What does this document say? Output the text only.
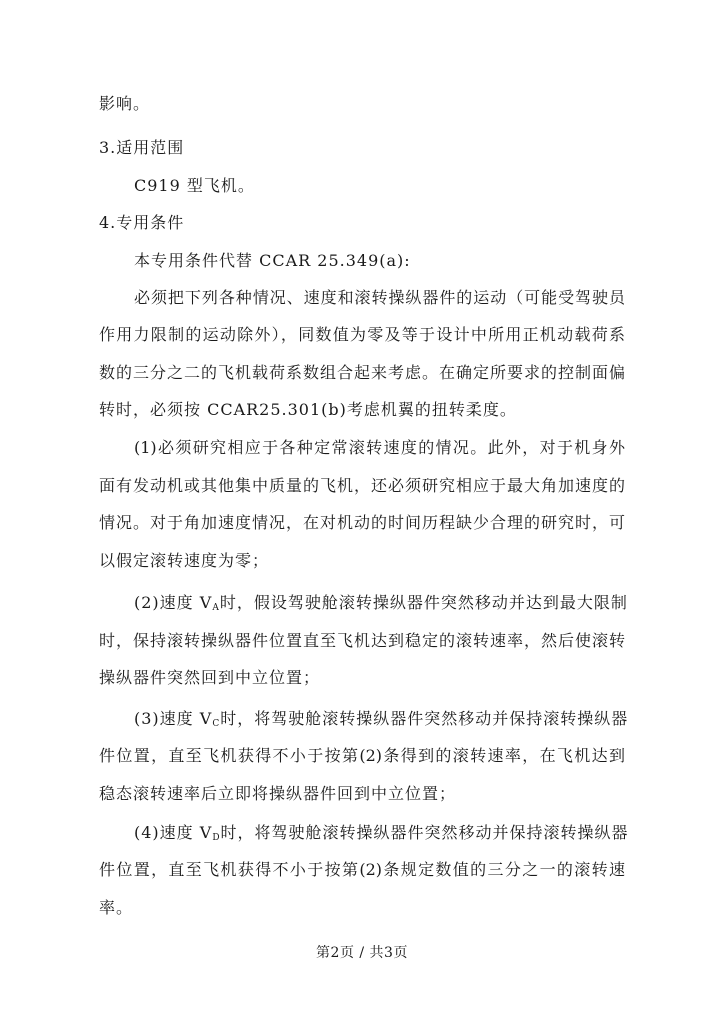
影响。
3.适用范围
C919 型飞机。
4.专用条件
本专用条件代替 CCAR 25.349(a):
必须把下列各种情况、速度和滚转操纵器件的运动（可能受驾驶员
作用力限制的运动除外），同数值为零及等于设计中所用正机动载荷系
数的三分之二的飞机载荷系数组合起来考虑。在确定所要求的控制面偏
转时，必须按 CCAR25.301(b)考虑机翼的扭转柔度。
(1)必须研究相应于各种定常滚转速度的情况。此外，对于机身外
面有发动机或其他集中质量的飞机，还必须研究相应于最大角加速度的
情况。对于角加速度情况，在对机动的时间历程缺少合理的研究时，可
以假定滚转速度为零；
(2)速度 $V_A$时，假设驾驶舱滚转操纵器件突然移动并达到最大限制
时，保持滚转操纵器件位置直至飞机达到稳定的滚转速率，然后使滚转
操纵器件突然回到中立位置；
(3)速度 $V_C$时，将驾驶舱滚转操纵器件突然移动并保持滚转操纵器
件位置，直至飞机获得不小于按第(2)条得到的滚转速率，在飞机达到
稳态滚转速率后立即将操纵器件回到中立位置；
(4)速度 $V_D$时，将驾驶舱滚转操纵器件突然移动并保持滚转操纵器
件位置，直至飞机获得不小于按第(2)条规定数值的三分之一的滚转速
率。
第2页 / 共3页
